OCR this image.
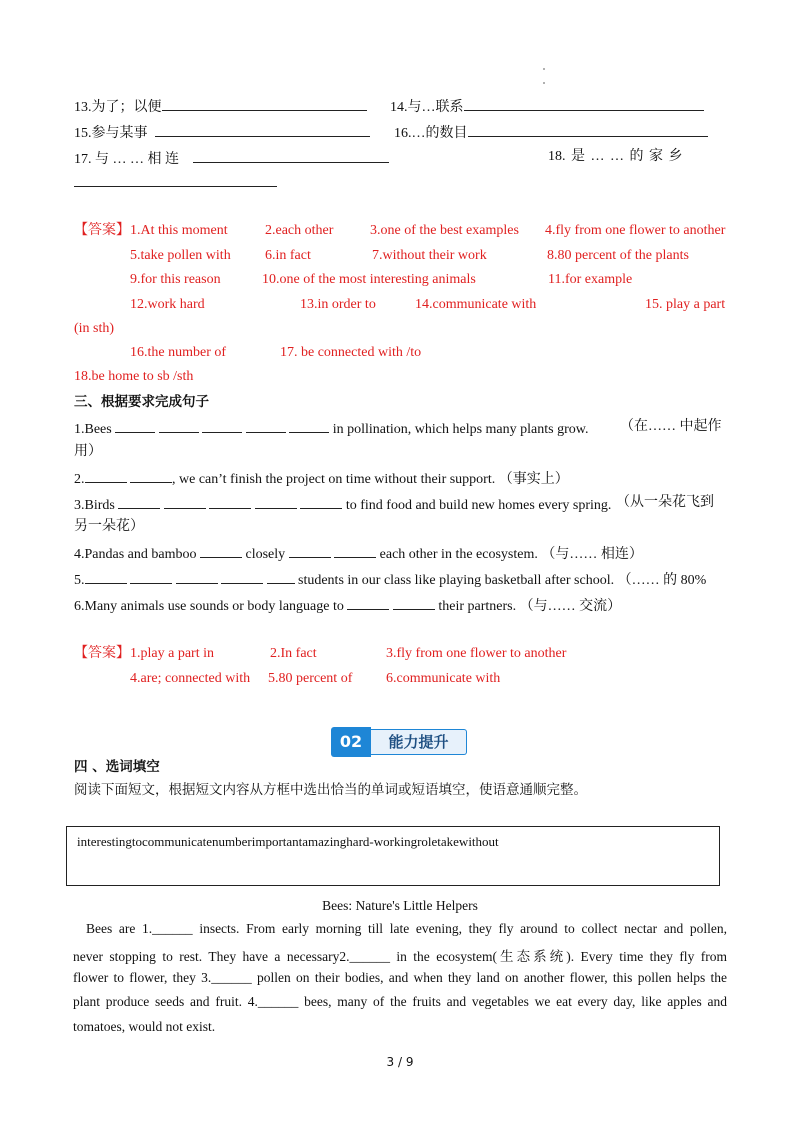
13.为了；以便	14.与…联系
15.参与某事	16.…的数目
17. 与 … … 相 连	18. 是 … … 的 家 乡
【答案】 1.At this moment	2.each other	3.one of the best examples 4.fly from one flower to another
5.take pollen with 6.in fact	7.without their work	8.80 percent of the plants
9.for this reason	10.one of the most interesting animals	11.for example
12.work hard	13.in order to	14.communicate with	15. play a part
(in sth)
16.the number of	17. be connected with /to
18.be home to sb /sth
三、根据要求完成句子
1.Bees	in pollination, which helps many plants grow. （在…… 中起作
用）
2.	, we can’t finish the project on time without their support. （事实上）
3.Birds	to find food and build new homes every spring. （从一朵花飞到
另一朵花）
4.Pandas and bamboo	closely	each other in the ecosystem. （与…… 相连）
5.	students in our class like playing basketball after school. （…… 的 80%
6.Many animals use sounds or body language to	their partners. （与…… 交流）
【答案】 1.play a part in	2.In fact	3.fly from one flower to another
4.are; connected with 5.80 percent of 6.communicate with
02	能力提升
四 、选词填空
阅读下面短文，根据短文内容从方框中选出恰当的单词或短语填空，使语意通顺完整。
interestingtocommunicatenumberimportantamazinghard-workingroletakewithout
Bees: Nature's Little Helpers
Bees are 1.______ insects. From early morning till late evening, they fly around to collect nectar and pollen,
never stopping to rest. They have a necessary2.______ in the ecosystem(生态系统). Every time they fly from
flower to flower, they 3.______ pollen on their bodies, and when they land on another flower, this pollen helps the
plant produce seeds and fruit. 4.______ bees, many of the fruits and vegetables we eat every day, like apples and
tomatoes, would not exist.
3 / 9
